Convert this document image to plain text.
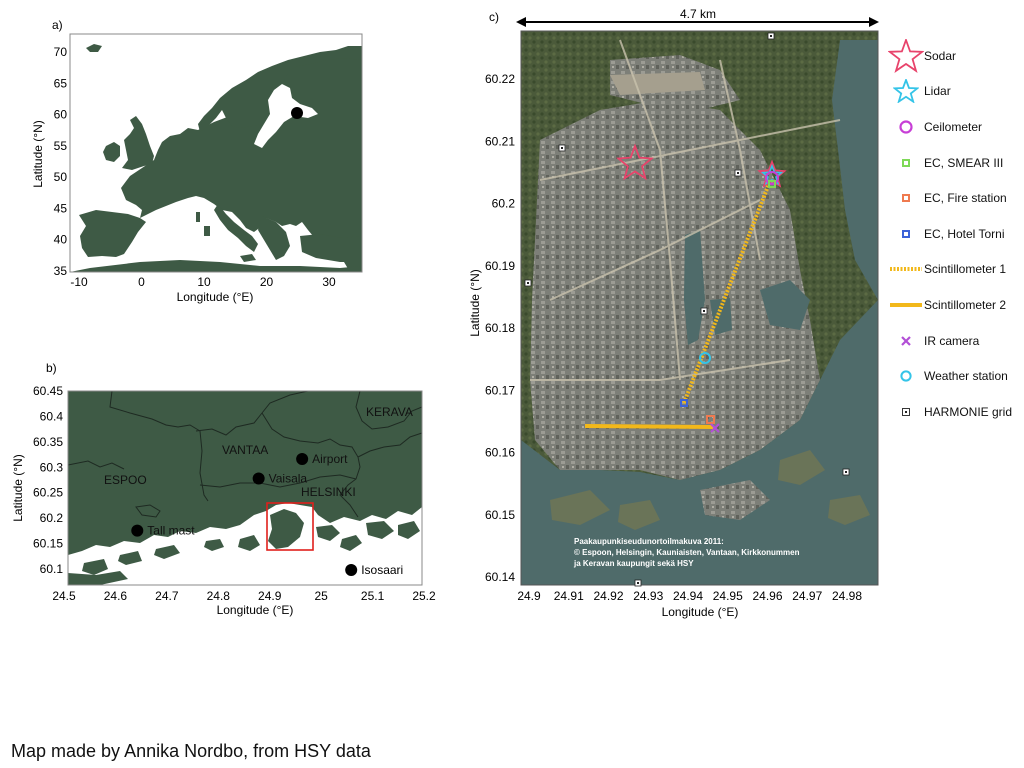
a)
-10	0	10	20	30
70
65
60
55
50
45
40
35
Longitude (°E)
Latitude (°N)
b)
KERAVA
VANTAA
ESPOO
HELSINKI
Airport
Vaisala
Tall mast
Isosaari
24.5 24.6 24.7 24.8 24.9	25	25.1 25.2
60.45
60.4
60.35
60.3
60.25
60.2
60.15
60.1
Longitude (°E)
Latitude (°N)
c)	4.7 km
Paakaupunkiseudunortoilmakuva 2011:
© Espoon, Helsingin, Kauniaisten, Vantaan, Kirkkonummen
ja Keravan kaupungit sekä HSY
24.9 24.91 24.92 24.93 24.94 24.95 24.96 24.97 24.98
60.22
60.21
60.2
60.19
60.18
60.17
60.16
60.15
60.14
Longitude (°E)
Latitude (°N)
Sodar
Lidar
Ceilometer
EC, SMEAR III
EC, Fire station
EC, Hotel Torni
Scintillometer 1
Scintillometer 2
IR camera
Weather station
HARMONIE grid
Map made by Annika Nordbo, from HSY data
